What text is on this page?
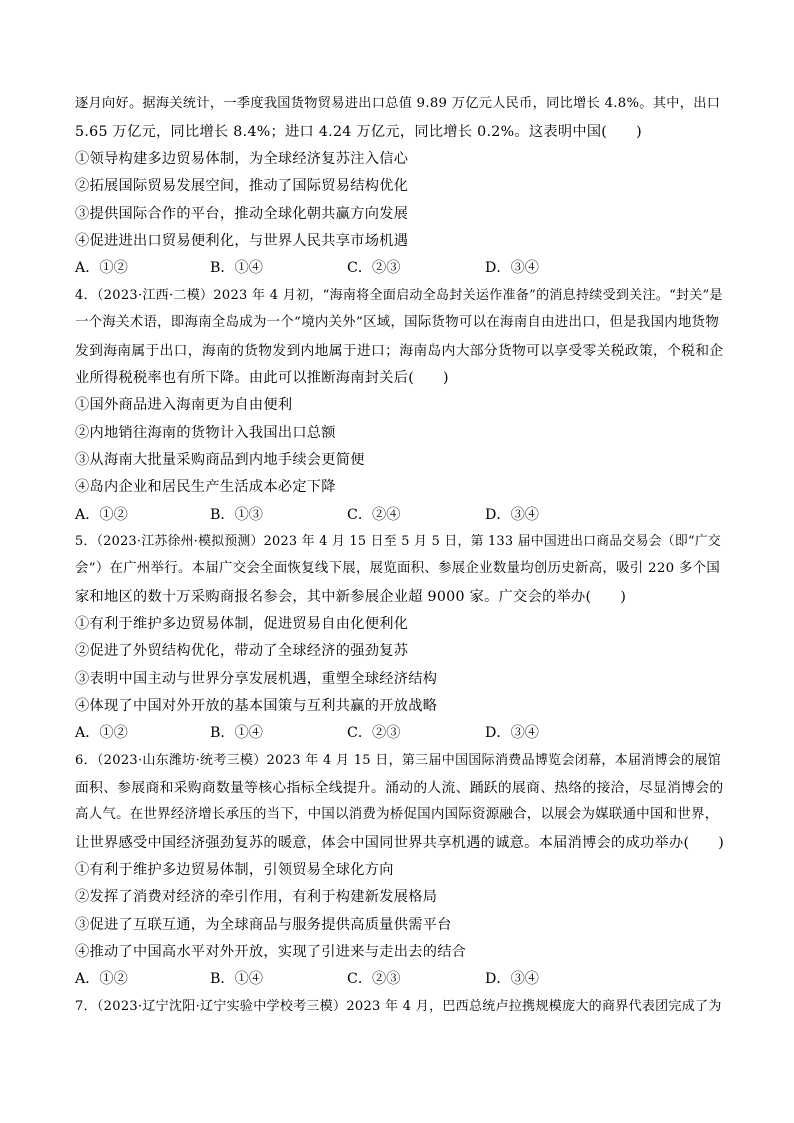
逐月向好。据海关统计，一季度我国货物贸易进出口总值 9.89 万亿元人民币，同比增长 4.8%。其中，出口
5.65 万亿元，同比增长 8.4%；进口 4.24 万亿元，同比增长 0.2%。这表明中国(　　)
①领导构建多边贸易体制，为全球经济复苏注入信心
②拓展国际贸易发展空间，推动了国际贸易结构优化
③提供国际合作的平台，推动全球化朝共赢方向发展
④促进进出口贸易便利化，与世界人民共享市场机遇
A．①②	B．①④	C．②③	D．③④
4．（2023·江西·二模）2023 年 4 月初，“海南将全面启动全岛封关运作准备”的消息持续受到关注。“封关”是
一个海关术语，即海南全岛成为一个“境内关外”区域，国际货物可以在海南自由进出口，但是我国内地货物
发到海南属于出口，海南的货物发到内地属于进口；海南岛内大部分货物可以享受零关税政策，个税和企
业所得税税率也有所下降。由此可以推断海南封关后(　　)
①国外商品进入海南更为自由便利
②内地销往海南的货物计入我国出口总额
③从海南大批量采购商品到内地手续会更简便
④岛内企业和居民生产生活成本必定下降
A．①②	B．①③	C．②④	D．③④
5．（2023·江苏徐州·模拟预测）2023 年 4 月 15 日至 5 月 5 日，第 133 届中国进出口商品交易会（即“广交
会”）在广州举行。本届广交会全面恢复线下展，展览面积、参展企业数量均创历史新高，吸引 220 多个国
家和地区的数十万采购商报名参会，其中新参展企业超 9000 家。广交会的举办(　　)
①有利于维护多边贸易体制，促进贸易自由化便利化
②促进了外贸结构优化，带动了全球经济的强劲复苏
③表明中国主动与世界分享发展机遇，重塑全球经济结构
④体现了中国对外开放的基本国策与互利共赢的开放战略
A．①②	B．①④	C．②③	D．③④
6．（2023·山东潍坊·统考三模）2023 年 4 月 15 日，第三届中国国际消费品博览会闭幕，本届消博会的展馆
面积、参展商和采购商数量等核心指标全线提升。涌动的人流、踊跃的展商、热络的接洽，尽显消博会的
高人气。在世界经济增长承压的当下，中国以消费为桥促国内国际资源融合，以展会为媒联通中国和世界，
让世界感受中国经济强劲复苏的暖意，体会中国同世界共享机遇的诚意。本届消博会的成功举办(　　)
①有利于维护多边贸易体制，引领贸易全球化方向
②发挥了消费对经济的牵引作用，有利于构建新发展格局
③促进了互联互通，为全球商品与服务提供高质量供需平台
④推动了中国高水平对外开放，实现了引进来与走出去的结合
A．①②	B．①④	C．②③	D．③④
7．（2023·辽宁沈阳·辽宁实验中学校考三模）2023 年 4 月，巴西总统卢拉携规模庞大的商界代表团完成了为
